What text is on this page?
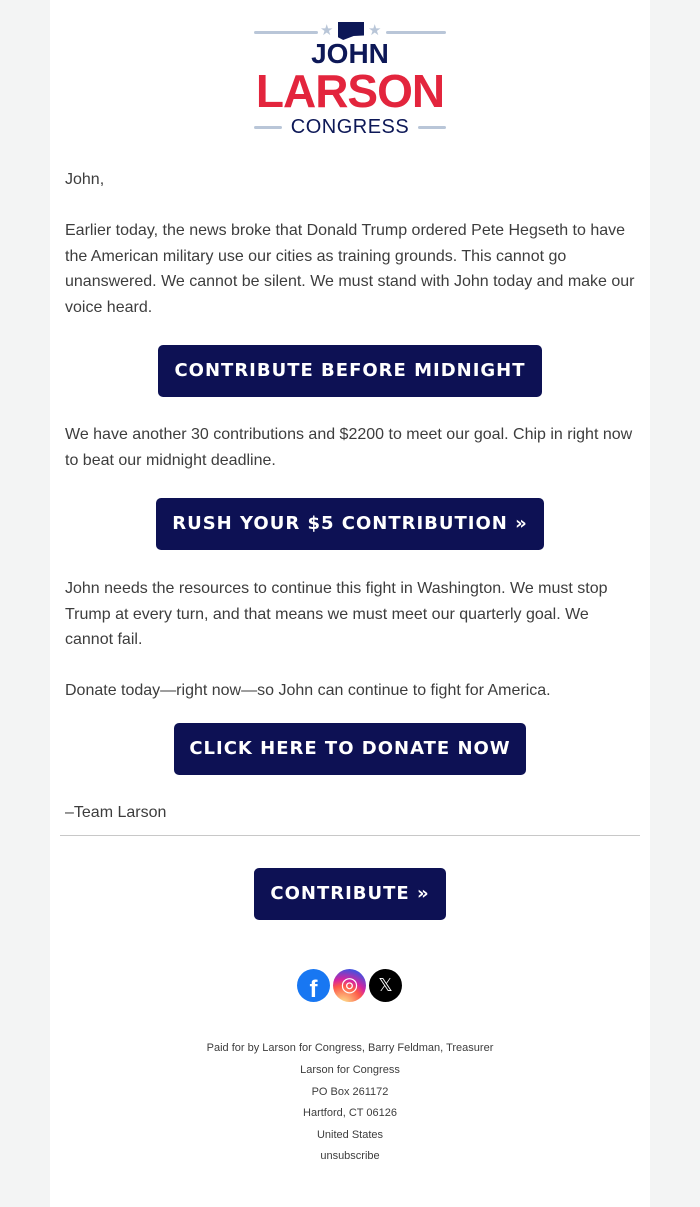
★ ★
JOHN
LARSON
CONGRESS

John,

Earlier today, the news broke that Donald Trump ordered Pete Hegseth to have the American military use our cities as training grounds. This cannot go unanswered. We cannot be silent. We must stand with John today and make our voice heard.

CONTRIBUTE BEFORE MIDNIGHT

We have another 30 contributions and $2200 to meet our goal. Chip in right now to beat our midnight deadline.

RUSH YOUR $5 CONTRIBUTION »

John needs the resources to continue this fight in Washington. We must stop Trump at every turn, and that means we must meet our quarterly goal. We cannot fail.

Donate today—right now—so John can continue to fight for America.

CLICK HERE TO DONATE NOW

–Team Larson

CONTRIBUTE »
f	◎	𝕏
Paid for by Larson for Congress, Barry Feldman, Treasurer
Larson for Congress
PO Box 261172
Hartford, CT 06126
United States
unsubscribe
